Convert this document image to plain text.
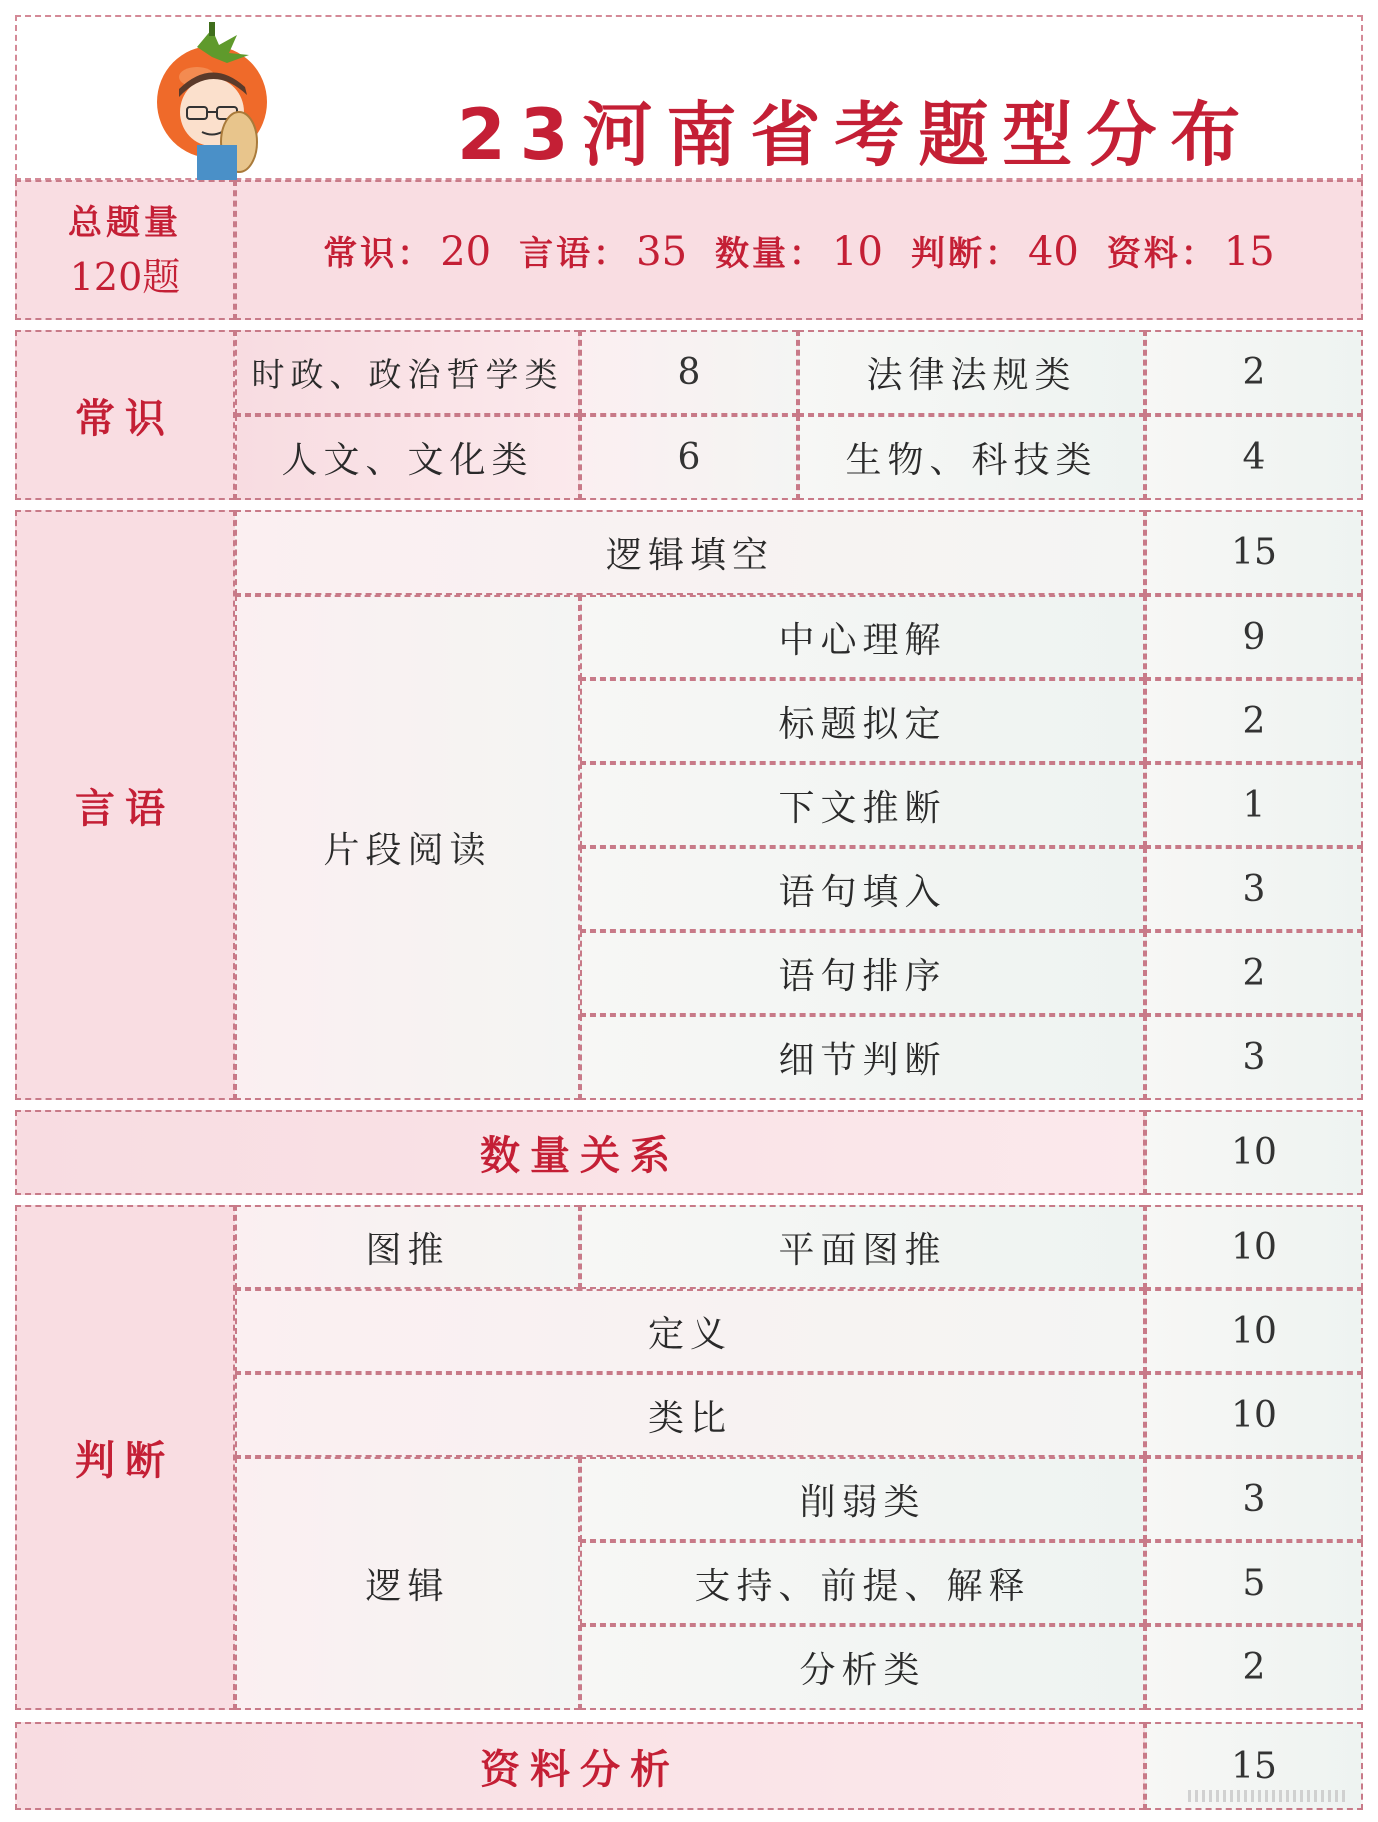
23河南省考题型分布
总题量
120题
常识： 20 言语： 35 数量： 10 判断： 40 资料： 15
常识
时政、政治哲学类	8	法律法规类	2
人文、文化类	6	生物、科技类	4
言语
逻辑填空	15
片段阅读
中心理解	9
标题拟定	2
下文推断	1
语句填入	3
语句排序	2
细节判断	3
数量关系	10
判断
图推	平面图推	10
定义	10
类比	10
逻辑
削弱类	3
支持、前提、解释	5
分析类	2
资料分析	15
